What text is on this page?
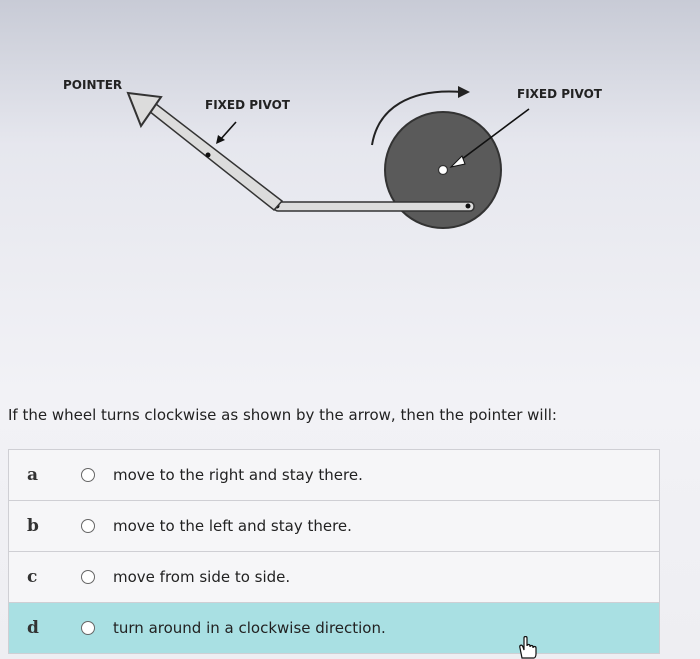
POINTER
FIXED PIVOT
FIXED PIVOT
If the wheel turns clockwise as shown by the arrow, then the pointer will:
a	move to the right and stay there.
b	move to the left and stay there.
c	move from side to side.
d	turn around in a clockwise direction.
